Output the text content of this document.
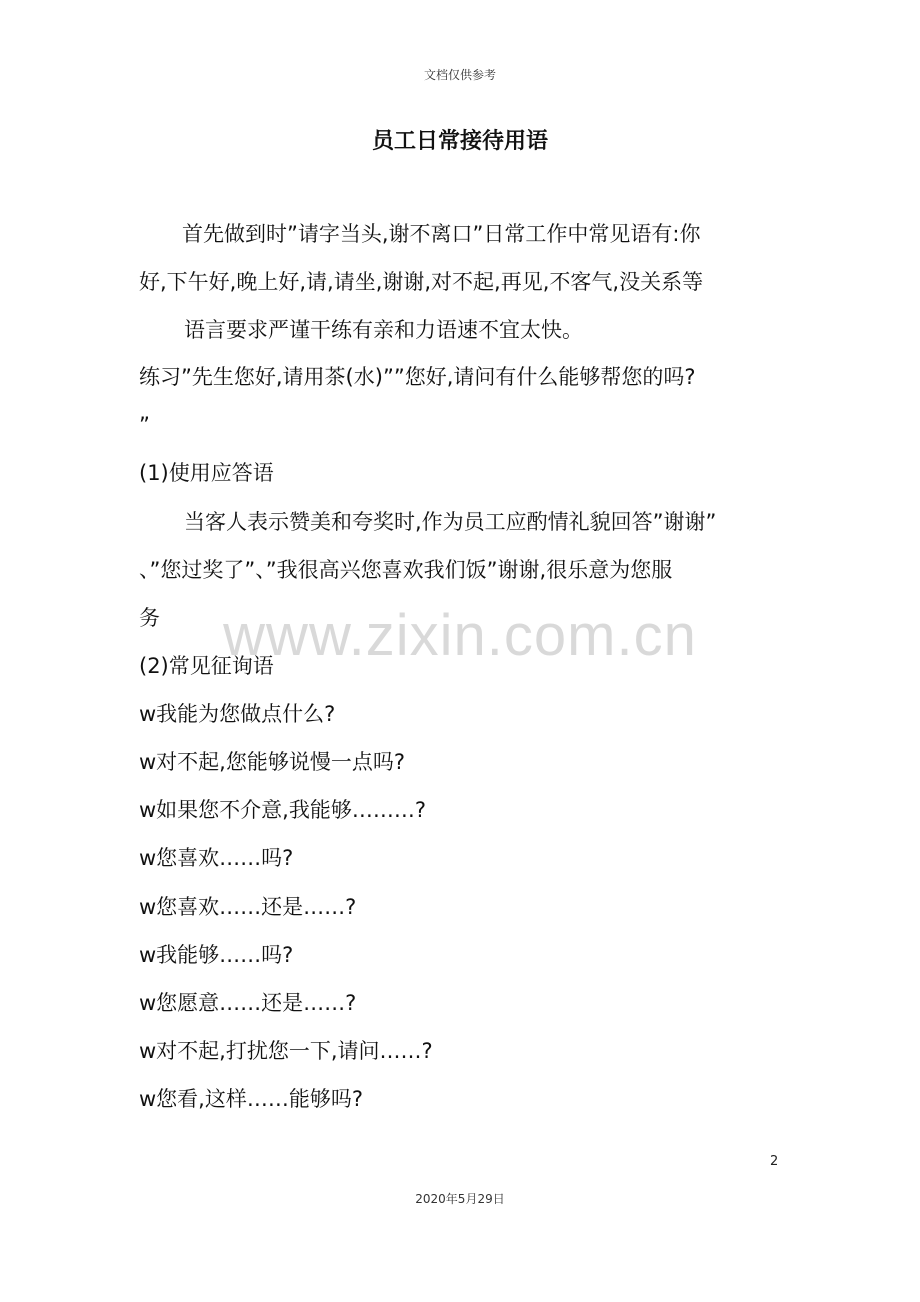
文档仅供参考
员工日常接待用语
首先做到时”请字当头,谢不离口”日常工作中常见语有:你
好,下午好,晚上好,请,请坐,谢谢,对不起,再见,不客气,没关系等
语言要求严谨干练有亲和力语速不宜太快。
练习”先生您好,请用茶(水)””您好,请问有什么能够帮您的吗?
”
(1)使用应答语
当客人表示赞美和夸奖时,作为员工应酌情礼貌回答”谢谢”
、”您过奖了”、”我很高兴您喜欢我们饭”谢谢,很乐意为您服
务
(2)常见征询语
w我能为您做点什么?
w对不起,您能够说慢一点吗?
w如果您不介意,我能够………?
w您喜欢……吗?
w您喜欢……还是……?
w我能够……吗?
w您愿意……还是……?
w对不起,打扰您一下,请问……?
w您看,这样……能够吗?
www.zixin.com.cn
2
2020年5月29日
